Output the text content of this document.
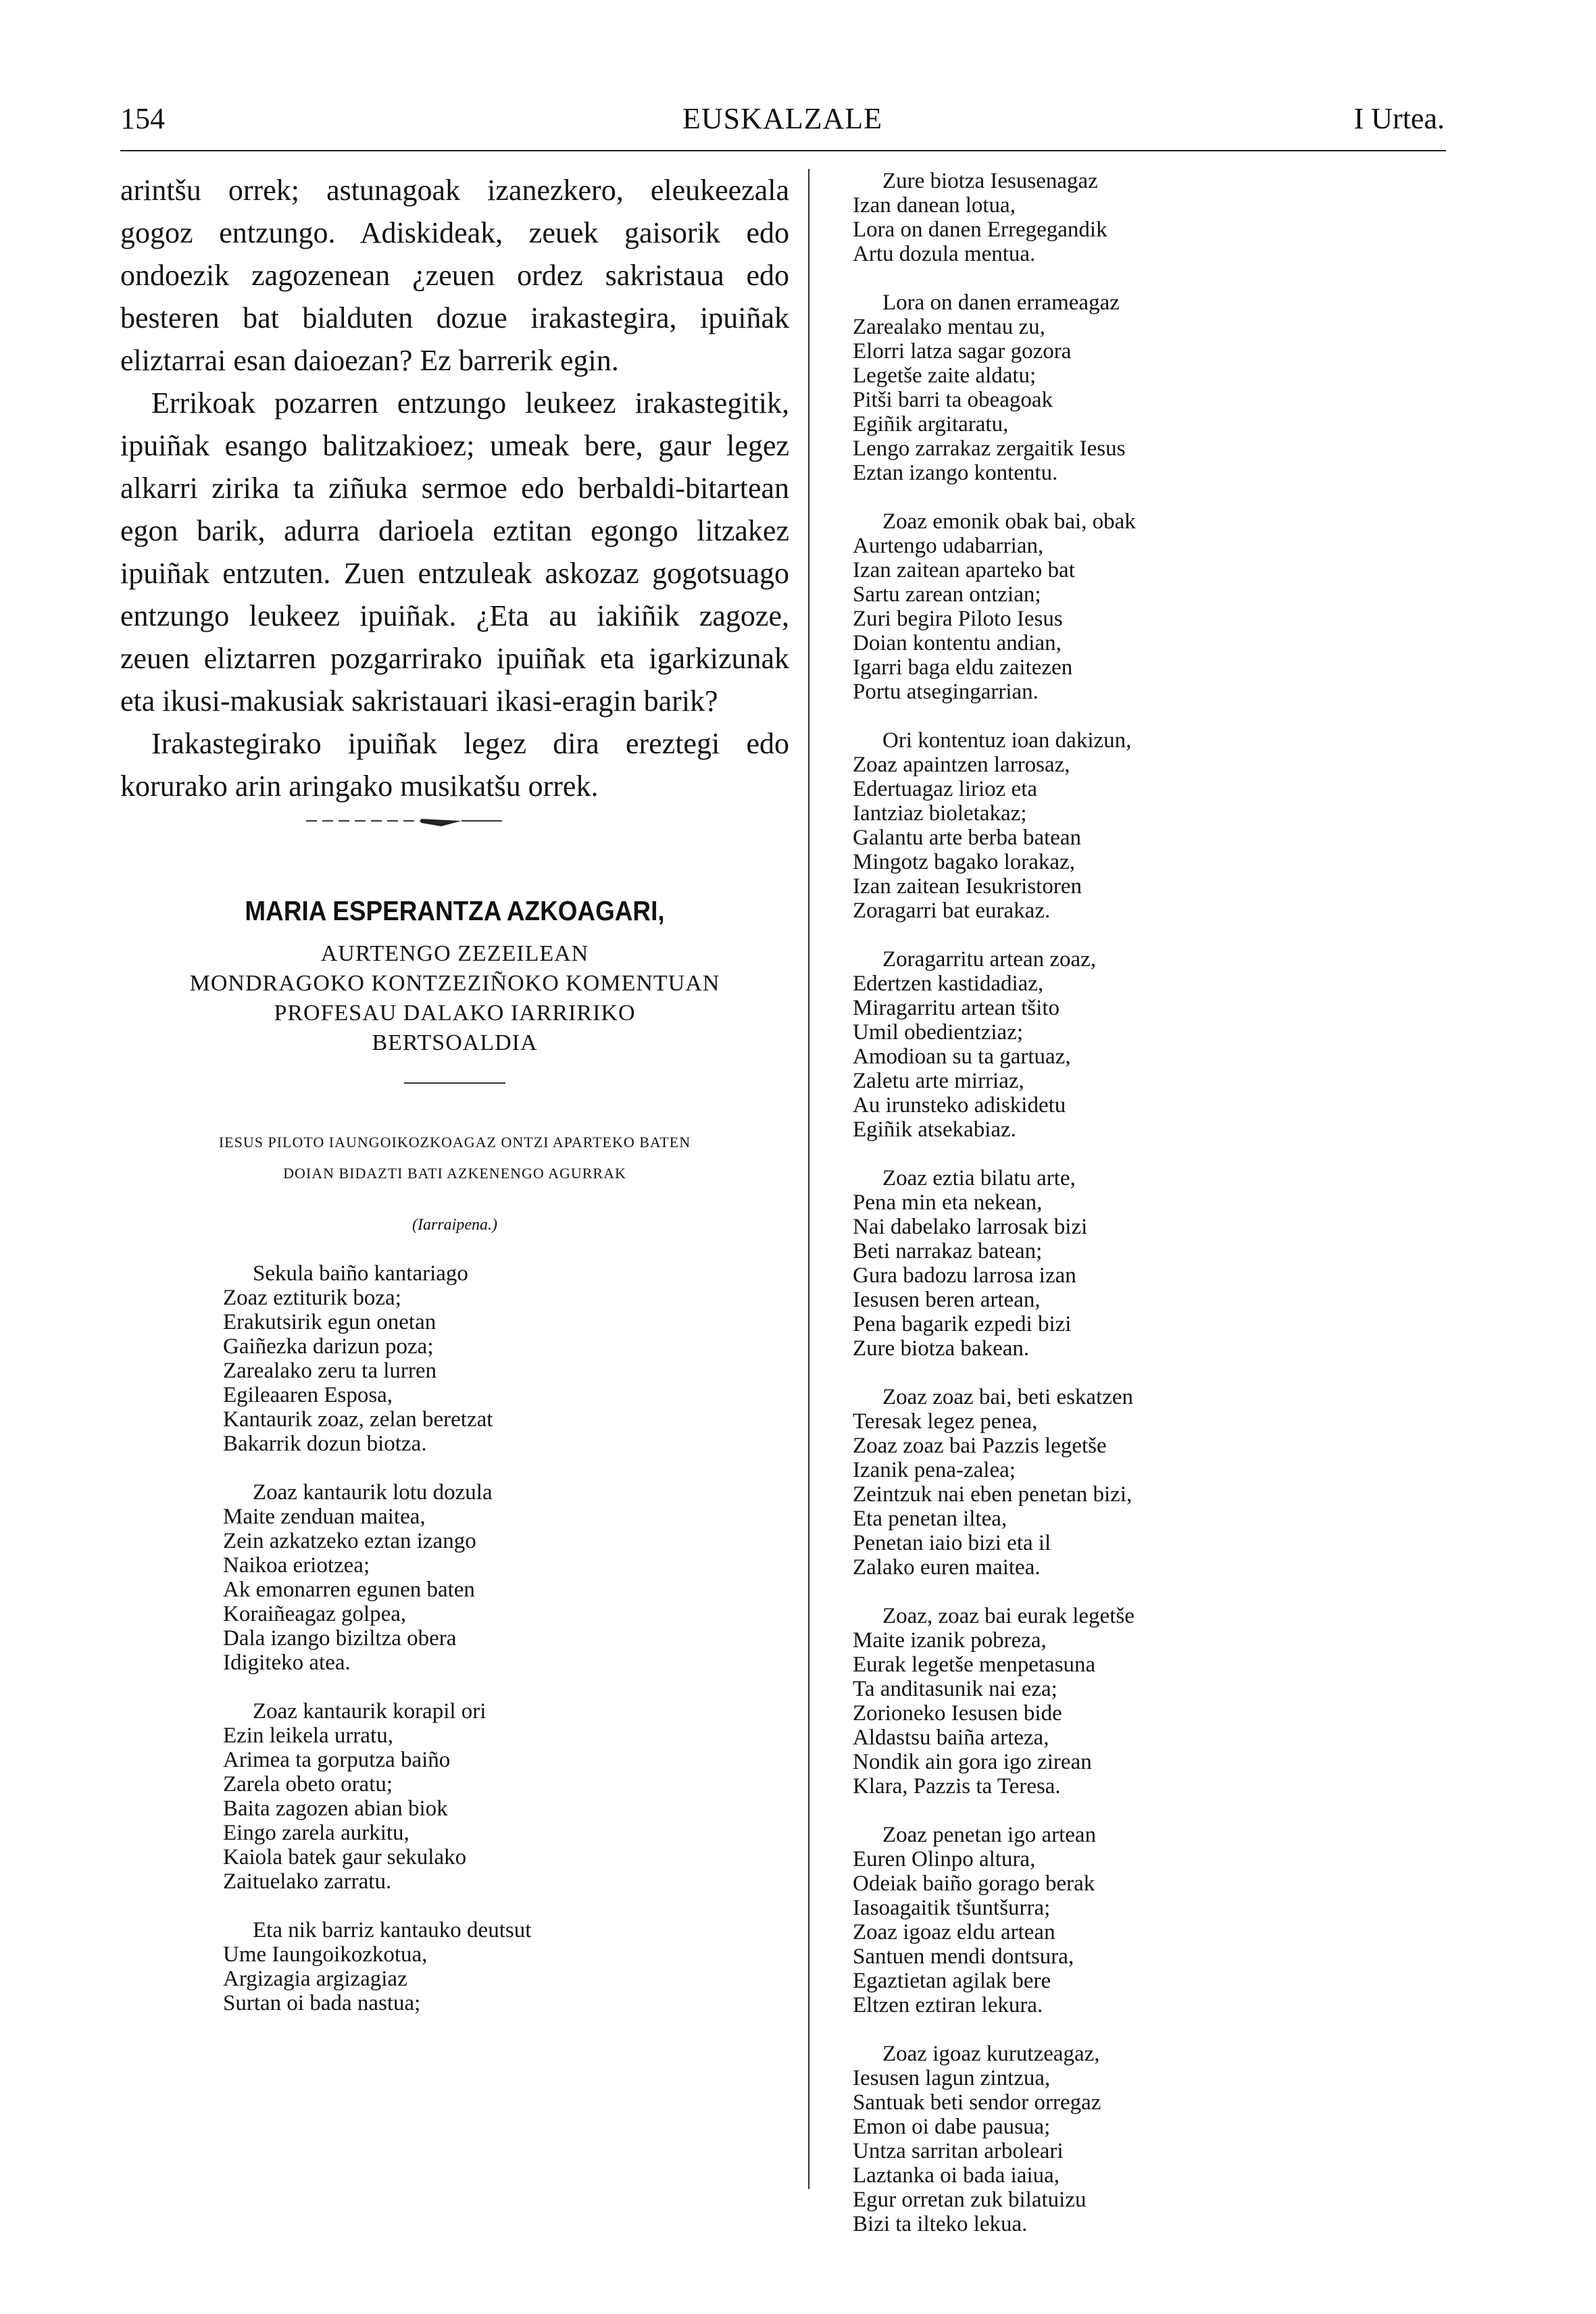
154	EUSKALZALE	I Urtea.

arintšu orrek; astunagoak izanezkero, eleukeezala gogoz entzungo. Adiskideak, zeuek gaisorik edo ondoezik zagozenean ¿zeuen ordez sakristaua edo besteren bat bialduten dozue irakastegira, ipuiñak eliztarrai esan daioezan? Ez barrerik egin.

Errikoak pozarren entzungo leukeez irakastegitik, ipuiñak esango balitzakioez; umeak bere, gaur legez alkarri zirika ta ziñuka sermoe edo berbaldi-bitartean egon barik, adurra darioela eztitan egongo litzakez ipuiñak entzuten. Zuen entzuleak askozaz gogotsuago entzungo leukeez ipuiñak. ¿Eta au iakiñik zagoze, zeuen eliztarren pozgarrirako ipuiñak eta igarkizunak eta ikusi-makusiak sakristauari ikasi-eragin barik?

Irakastegirako ipuiñak legez dira ereztegi edo korurako arin aringako musikatšu orrek.

MARIA ESPERANTZA AZKOAGARI,
AURTENGO ZEZEILEAN
MONDRAGOKO KONTZEZIÑOKO KOMENTUAN
PROFESAU DALAKO IARRIRIKO
BERTSOALDIA
IESUS PILOTO IAUNGOIKOZKOAGAZ ONTZI APARTEKO BATEN
DOIAN BIDAZTI BATI AZKENENGO AGURRAK
(Iarraipena.)
Sekula baiño kantariago
Zoaz eztiturik boza;
Erakutsirik egun onetan
Gaiñezka darizun poza;
Zarealako zeru ta lurren
Egileaaren Esposa,
Kantaurik zoaz, zelan beretzat
Bakarrik dozun biotza.
Zoaz kantaurik lotu dozula
Maite zenduan maitea,
Zein azkatzeko eztan izango
Naikoa eriotzea;
Ak emonarren egunen baten
Koraiñeagaz golpea,
Dala izango biziltza obera
Idigiteko atea.
Zoaz kantaurik korapil ori
Ezin leikela urratu,
Arimea ta gorputza baiño
Zarela obeto oratu;
Baita zagozen abian biok
Eingo zarela aurkitu,
Kaiola batek gaur sekulako
Zaituelako zarratu.
Eta nik barriz kantauko deutsut
Ume Iaungoikozkotua,
Argizagia argizagiaz
Surtan oi bada nastua;
Zure biotza Iesusenagaz
Izan danean lotua,
Lora on danen Erregegandik
Artu dozula mentua.
Lora on danen errameagaz
Zarealako mentau zu,
Elorri latza sagar gozora
Legetše zaite aldatu;
Pitši barri ta obeagoak
Egiñik argitaratu,
Lengo zarrakaz zergaitik Iesus
Eztan izango kontentu.
Zoaz emonik obak bai, obak
Aurtengo udabarrian,
Izan zaitean aparteko bat
Sartu zarean ontzian;
Zuri begira Piloto Iesus
Doian kontentu andian,
Igarri baga eldu zaitezen
Portu atsegingarrian.
Ori kontentuz ioan dakizun,
Zoaz apaintzen larrosaz,
Edertuagaz lirioz eta
Iantziaz bioletakaz;
Galantu arte berba batean
Mingotz bagako lorakaz,
Izan zaitean Iesukristoren
Zoragarri bat eurakaz.
Zoragarritu artean zoaz,
Edertzen kastidadiaz,
Miragarritu artean tšito
Umil obedientziaz;
Amodioan su ta gartuaz,
Zaletu arte mirriaz,
Au irunsteko adiskidetu
Egiñik atsekabiaz.
Zoaz eztia bilatu arte,
Pena min eta nekean,
Nai dabelako larrosak bizi
Beti narrakaz batean;
Gura badozu larrosa izan
Iesusen beren artean,
Pena bagarik ezpedi bizi
Zure biotza bakean.
Zoaz zoaz bai, beti eskatzen
Teresak legez penea,
Zoaz zoaz bai Pazzis legetše
Izanik pena-zalea;
Zeintzuk nai eben penetan bizi,
Eta penetan iltea,
Penetan iaio bizi eta il
Zalako euren maitea.
Zoaz, zoaz bai eurak legetše
Maite izanik pobreza,
Eurak legetše menpetasuna
Ta anditasunik nai eza;
Zorioneko Iesusen bide
Aldastsu baiña arteza,
Nondik ain gora igo zirean
Klara, Pazzis ta Teresa.
Zoaz penetan igo artean
Euren Olinpo altura,
Odeiak baiño gorago berak
Iasoagaitik tšuntšurra;
Zoaz igoaz eldu artean
Santuen mendi dontsura,
Egaztietan agilak bere
Eltzen eztiran lekura.
Zoaz igoaz kurutzeagaz,
Iesusen lagun zintzua,
Santuak beti sendor orregaz
Emon oi dabe pausua;
Untza sarritan arboleari
Laztanka oi bada iaiua,
Egur orretan zuk bilatuizu
Bizi ta ilteko lekua.
